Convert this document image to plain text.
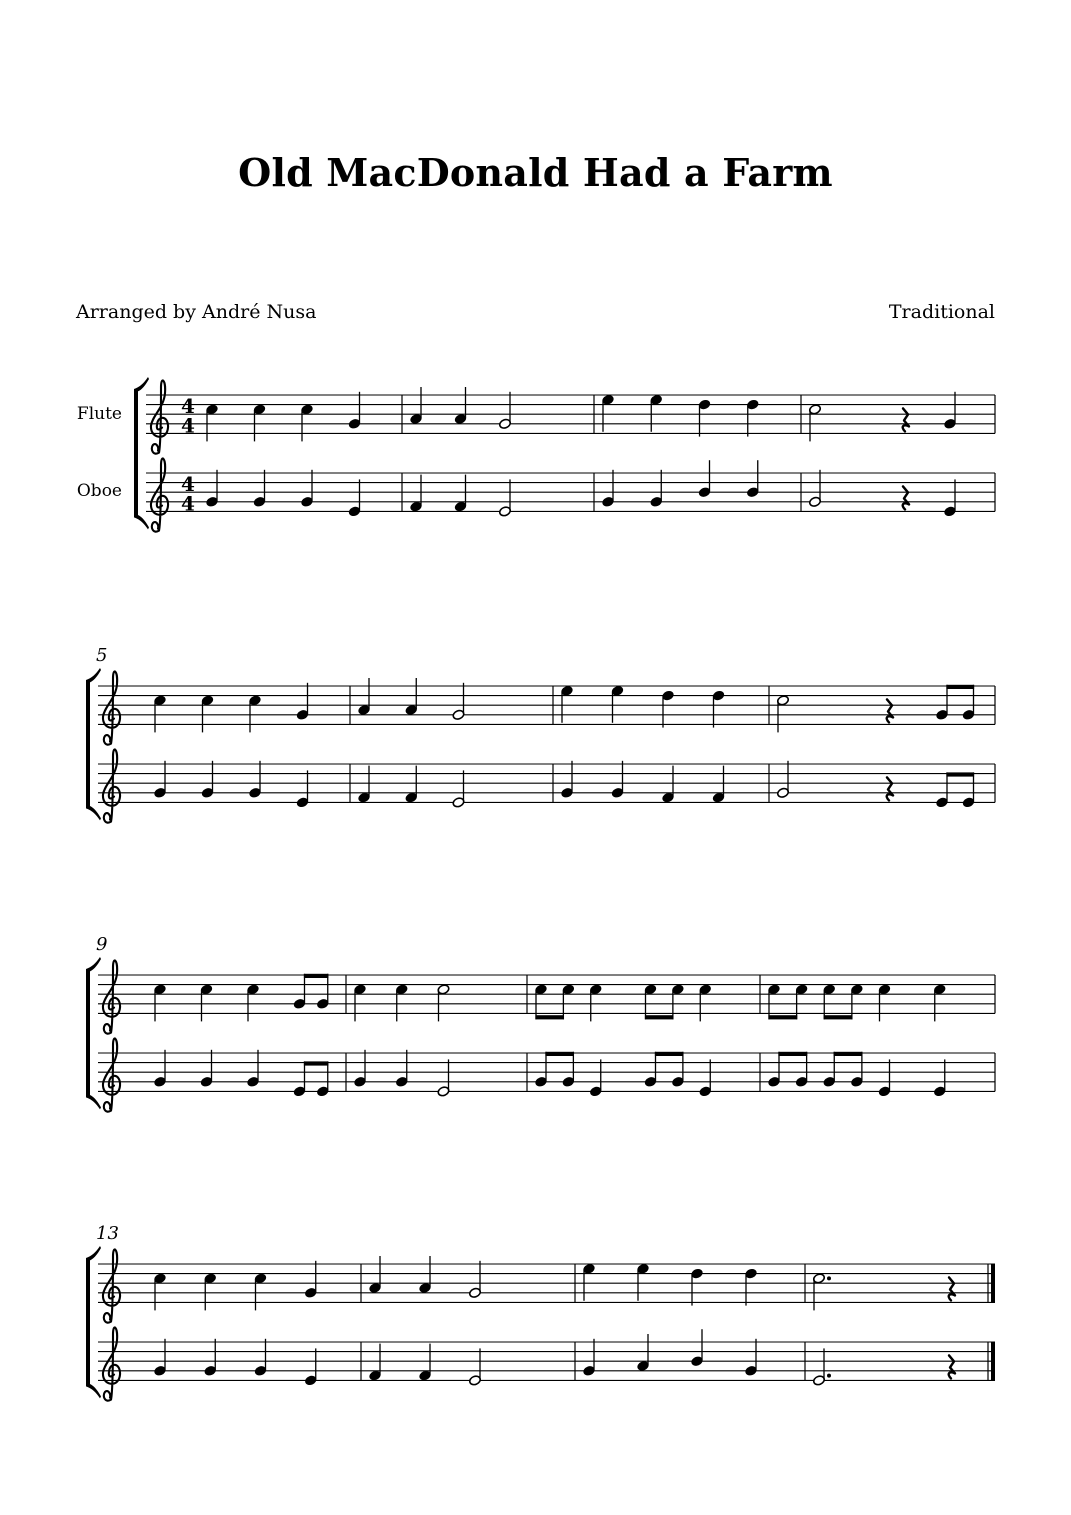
Old MacDonald Had a Farm
Arranged by André Nusa	Traditional
Flute
Oboe
5
9
13
4
4
4
4
